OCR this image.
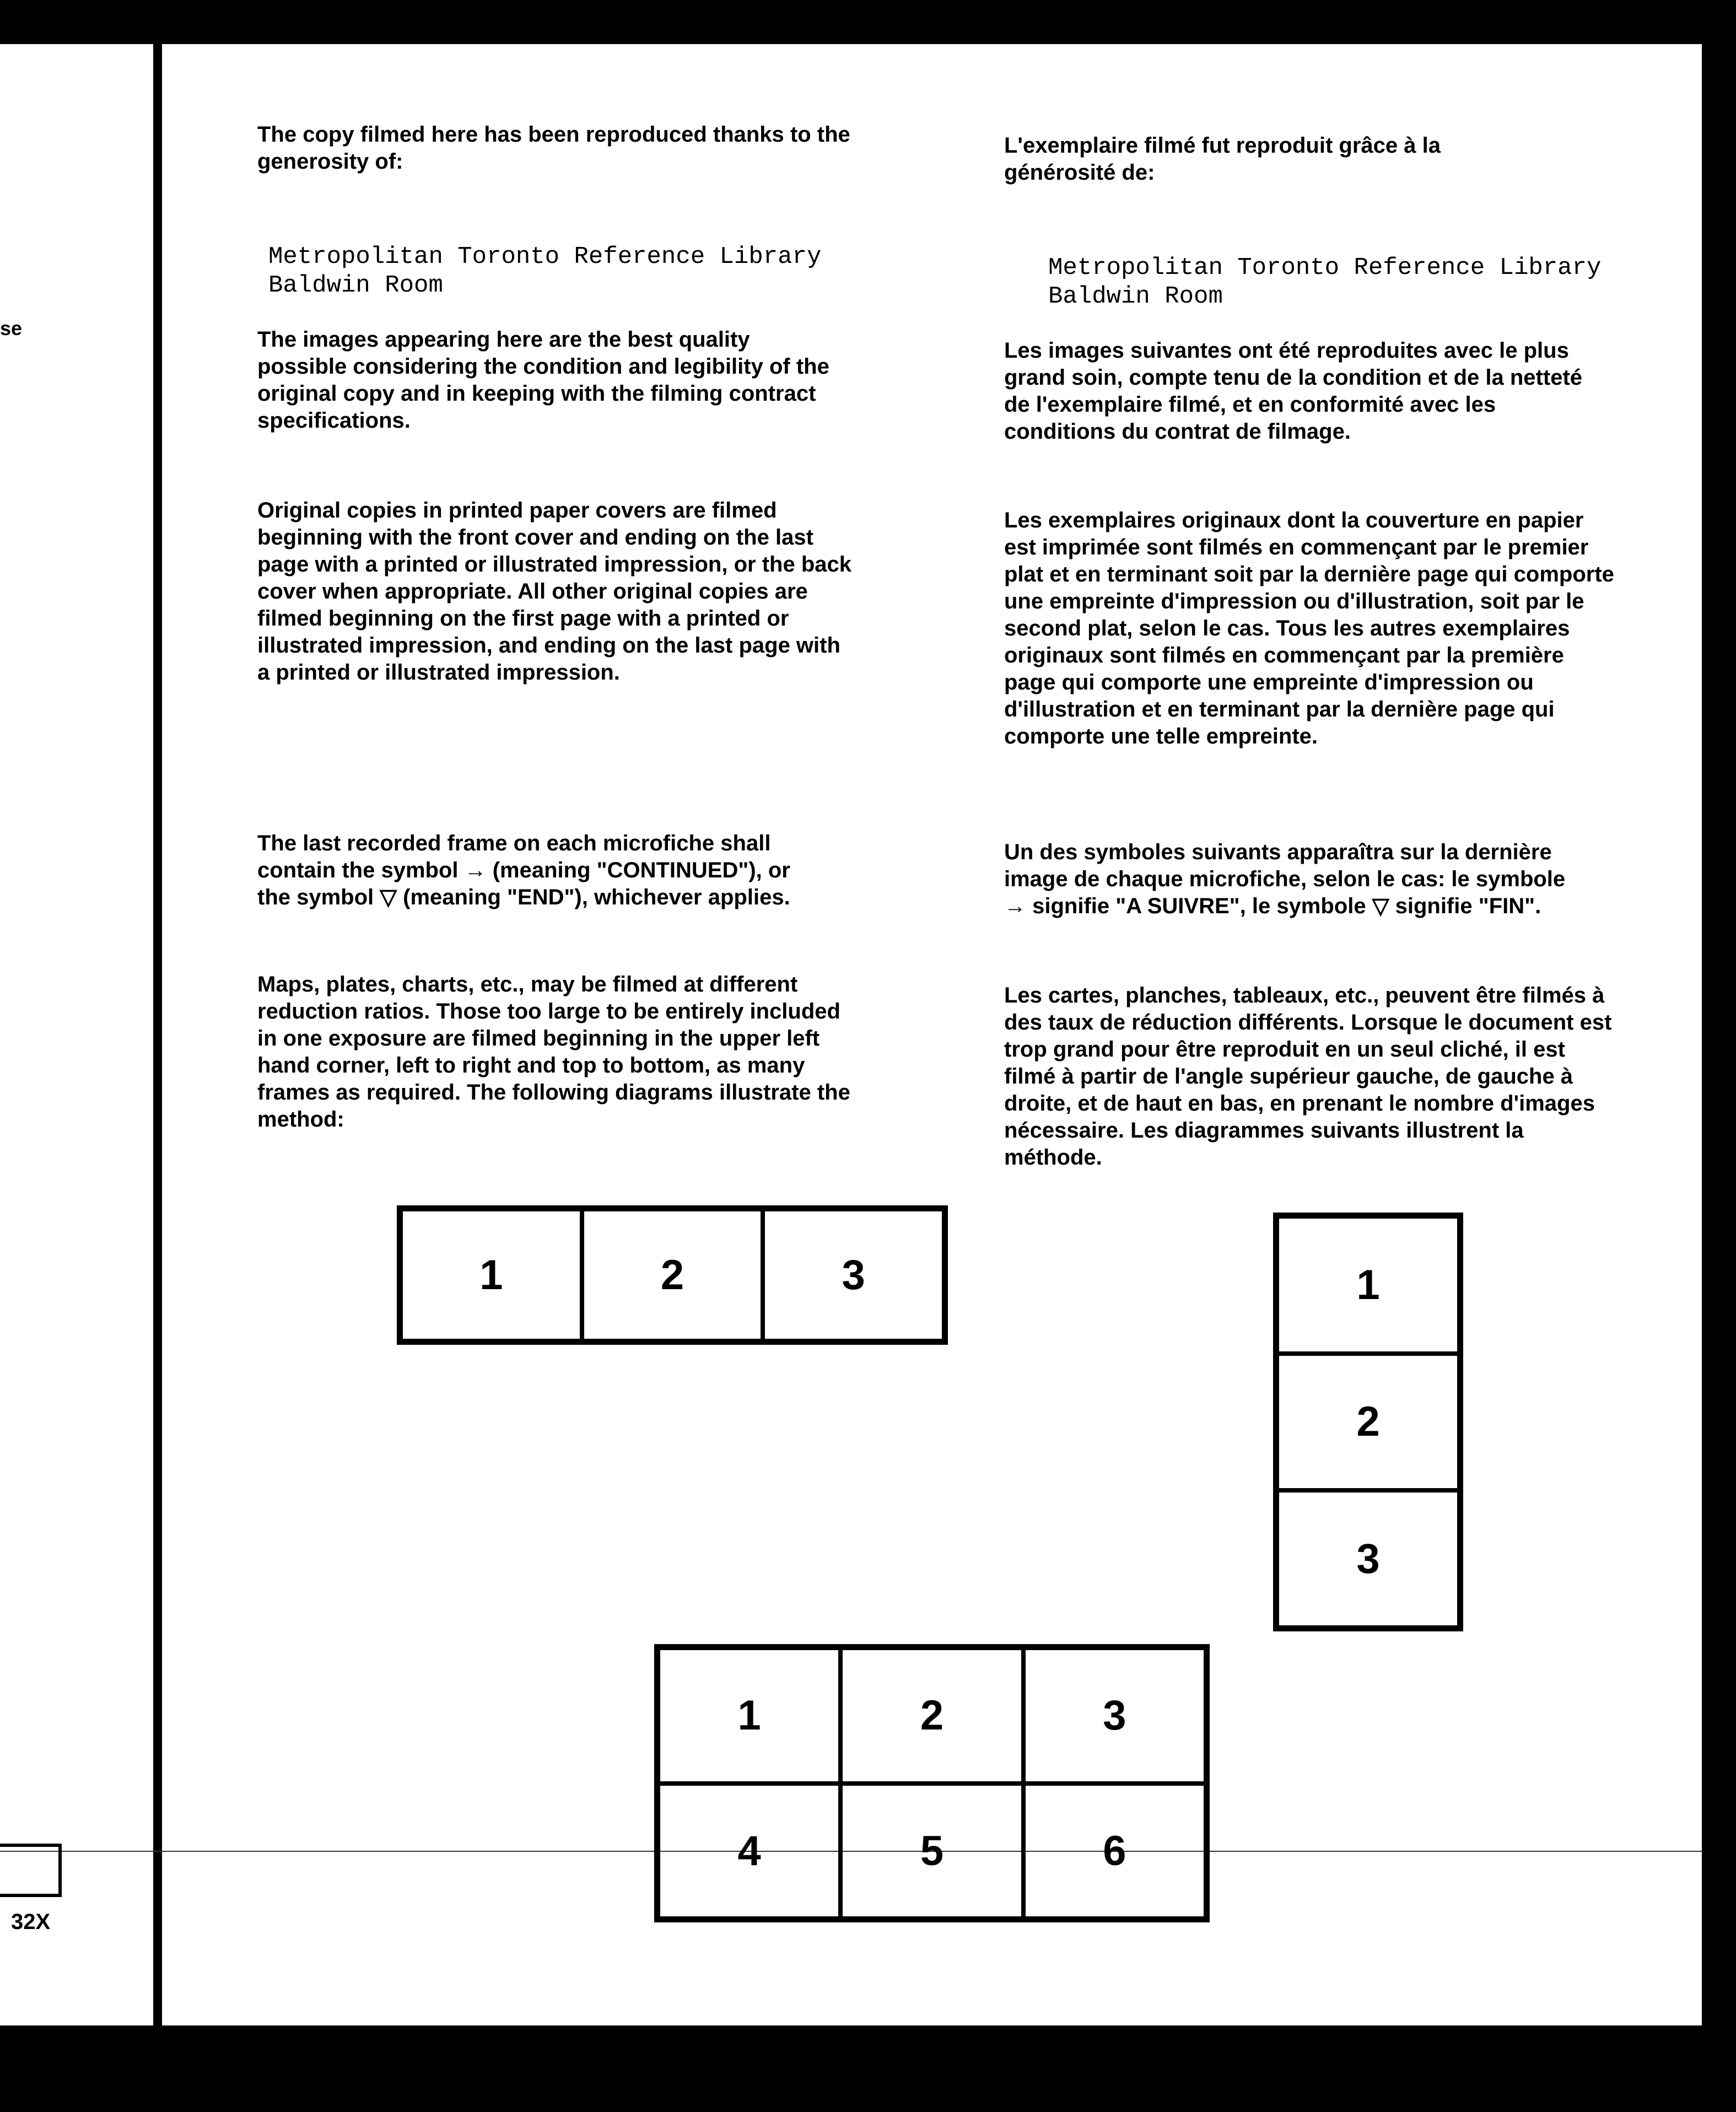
se
32X

The copy filmed here has been reproduced thanks to the generosity of:

Metropolitan Toronto Reference Library

Baldwin Room

The images appearing here are the best quality possible considering the condition and legibility of the original copy and in keeping with the filming contract specifications.

Original copies in printed paper covers are filmed beginning with the front cover and ending on the last page with a printed or illustrated impression, or the back cover when appropriate. All other original copies are filmed beginning on the first page with a printed or illustrated impression, and ending on the last page with a printed or illustrated impression.

The last recorded frame on each microfiche shall contain the symbol → (meaning "CONTINUED"), or the symbol ▽ (meaning "END"), whichever applies.

Maps, plates, charts, etc., may be filmed at different reduction ratios. Those too large to be entirely included in one exposure are filmed beginning in the upper left hand corner, left to right and top to bottom, as many frames as required. The following diagrams illustrate the method:

L'exemplaire filmé fut reproduit grâce à la générosité de:

Metropolitan Toronto Reference Library

Baldwin Room

Les images suivantes ont été reproduites avec le plus grand soin, compte tenu de la condition et de la netteté de l'exemplaire filmé, et en conformité avec les conditions du contrat de filmage.

Les exemplaires originaux dont la couverture en papier est imprimée sont filmés en commençant par le premier plat et en terminant soit par la dernière page qui comporte une empreinte d'impression ou d'illustration, soit par le second plat, selon le cas. Tous les autres exemplaires originaux sont filmés en commençant par la première page qui comporte une empreinte d'impression ou d'illustration et en terminant par la dernière page qui comporte une telle empreinte.

Un des symboles suivants apparaîtra sur la dernière image de chaque microfiche, selon le cas: le symbole → signifie "A SUIVRE", le symbole ▽ signifie "FIN".

Les cartes, planches, tableaux, etc., peuvent être filmés à des taux de réduction différents. Lorsque le document est trop grand pour être reproduit en un seul cliché, il est filmé à partir de l'angle supérieur gauche, de gauche à droite, et de haut en bas, en prenant le nombre d'images nécessaire. Les diagrammes suivants illustrent la méthode.

1	2	3	1
2
3
1	2	3
4	5	6
